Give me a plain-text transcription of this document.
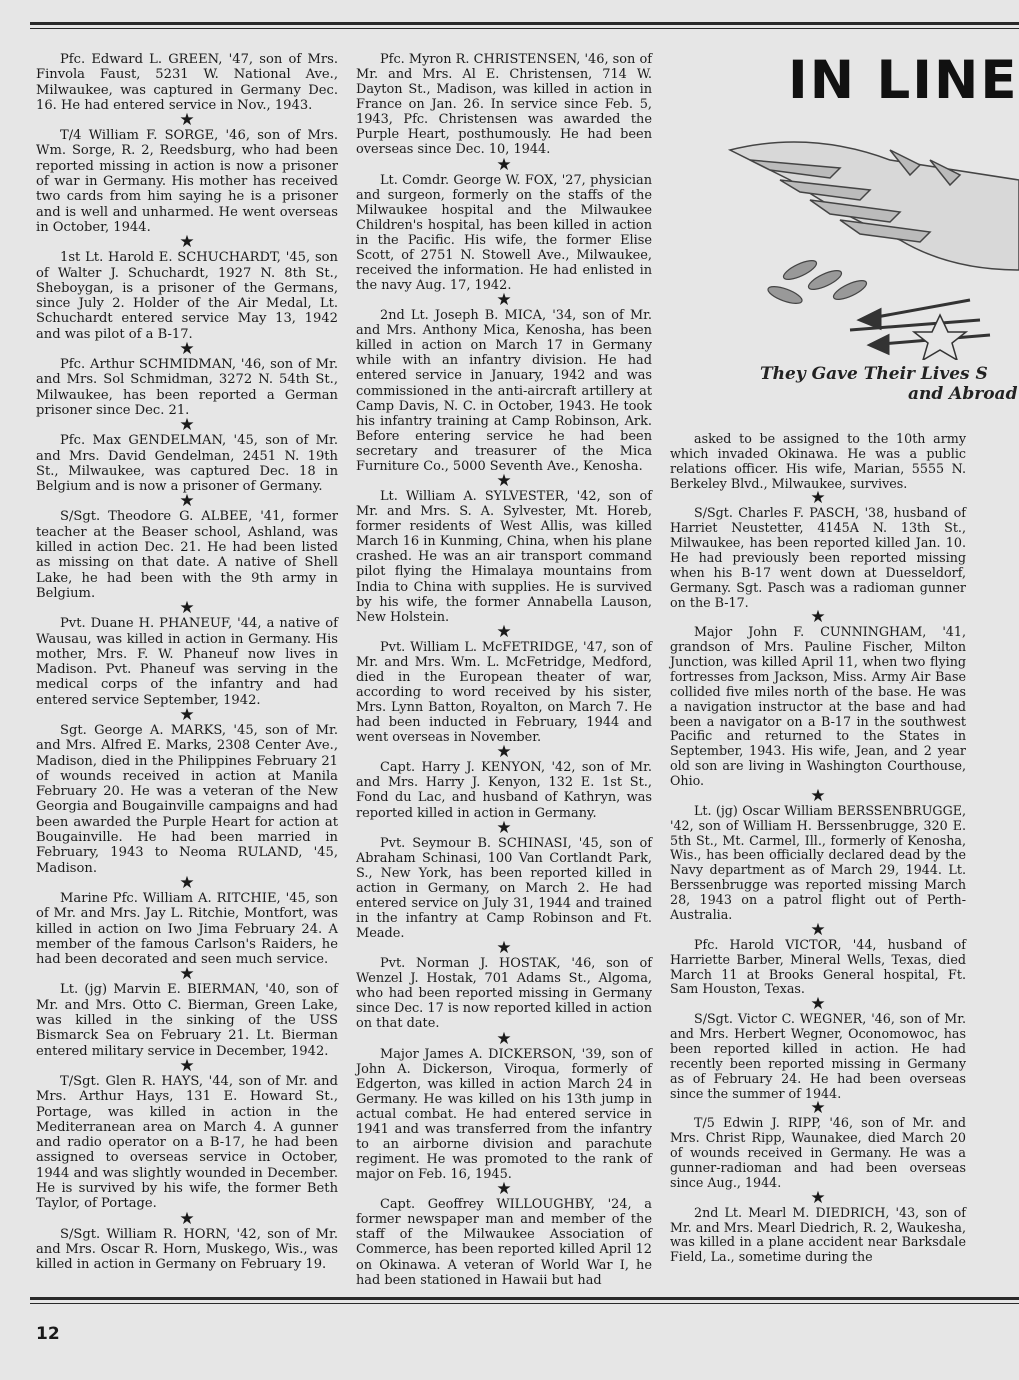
Pfc. Edward L. GREEN, '47, son of Mrs. Finvola Faust, 5231 W. National Ave., Milwaukee, was captured in Germany Dec. 16. He had entered service in Nov., 1943.

★

T/4 William F. SORGE, '46, son of Mrs. Wm. Sorge, R. 2, Reedsburg, who had been reported missing in action is now a prisoner of war in Germany. His mother has received two cards from him saying he is a prisoner and is well and unharmed. He went overseas in October, 1944.

★

1st Lt. Harold E. SCHUCHARDT, '45, son of Walter J. Schuchardt, 1927 N. 8th St., Sheboygan, is a prisoner of the Germans, since July 2. Holder of the Air Medal, Lt. Schuchardt entered service May 13, 1942 and was pilot of a B-17.

★

Pfc. Arthur SCHMIDMAN, '46, son of Mr. and Mrs. Sol Schmidman, 3272 N. 54th St., Milwaukee, has been reported a German prisoner since Dec. 21.

★

Pfc. Max GENDELMAN, '45, son of Mr. and Mrs. David Gendelman, 2451 N. 19th St., Milwaukee, was captured Dec. 18 in Belgium and is now a prisoner of Germany.

★

S/Sgt. Theodore G. ALBEE, '41, former teacher at the Beaser school, Ashland, was killed in action Dec. 21. He had been listed as missing on that date. A native of Shell Lake, he had been with the 9th army in Belgium.

★

Pvt. Duane H. PHANEUF, '44, a native of Wausau, was killed in action in Germany. His mother, Mrs. F. W. Phaneuf now lives in Madison. Pvt. Phaneuf was serving in the medical corps of the infantry and had entered service September, 1942.

★

Sgt. George A. MARKS, '45, son of Mr. and Mrs. Alfred E. Marks, 2308 Center Ave., Madison, died in the Philippines February 21 of wounds received in action at Manila February 20. He was a veteran of the New Georgia and Bougainville campaigns and had been awarded the Purple Heart for action at Bougainville. He had been married in February, 1943 to Neoma RULAND, '45, Madison.

★

Marine Pfc. William A. RITCHIE, '45, son of Mr. and Mrs. Jay L. Ritchie, Montfort, was killed in action on Iwo Jima February 24. A member of the famous Carlson's Raiders, he had been decorated and seen much service.

★

Lt. (jg) Marvin E. BIERMAN, '40, son of Mr. and Mrs. Otto C. Bierman, Green Lake, was killed in the sinking of the USS Bismarck Sea on February 21. Lt. Bierman entered military service in December, 1942.

★

T/Sgt. Glen R. HAYS, '44, son of Mr. and Mrs. Arthur Hays, 131 E. Howard St., Portage, was killed in action in the Mediterranean area on March 4. A gunner and radio operator on a B-17, he had been assigned to overseas service in October, 1944 and was slightly wounded in December. He is survived by his wife, the former Beth Taylor, of Portage.

★

S/Sgt. William R. HORN, '42, son of Mr. and Mrs. Oscar R. Horn, Muskego, Wis., was killed in action in Germany on February 19.

Pfc. Myron R. CHRISTENSEN, '46, son of Mr. and Mrs. Al E. Christensen, 714 W. Dayton St., Madison, was killed in action in France on Jan. 26. In service since Feb. 5, 1943, Pfc. Christensen was awarded the Purple Heart, posthumously. He had been overseas since Dec. 10, 1944.

★

Lt. Comdr. George W. FOX, '27, physician and surgeon, formerly on the staffs of the Milwaukee hospital and the Milwaukee Children's hospital, has been killed in action in the Pacific. His wife, the former Elise Scott, of 2751 N. Stowell Ave., Milwaukee, received the information. He had enlisted in the navy Aug. 17, 1942.

★

2nd Lt. Joseph B. MICA, '34, son of Mr. and Mrs. Anthony Mica, Kenosha, has been killed in action on March 17 in Germany while with an infantry division. He had entered service in January, 1942 and was commissioned in the anti-aircraft artillery at Camp Davis, N. C. in October, 1943. He took his infantry training at Camp Robinson, Ark. Before entering service he had been secretary and treasurer of the Mica Furniture Co., 5000 Seventh Ave., Kenosha.

★

Lt. William A. SYLVESTER, '42, son of Mr. and Mrs. S. A. Sylvester, Mt. Horeb, former residents of West Allis, was killed March 16 in Kunming, China, when his plane crashed. He was an air transport command pilot flying the Himalaya mountains from India to China with supplies. He is survived by his wife, the former Annabella Lauson, New Holstein.

★

Pvt. William L. McFETRIDGE, '47, son of Mr. and Mrs. Wm. L. McFetridge, Medford, died in the European theater of war, according to word received by his sister, Mrs. Lynn Batton, Royalton, on March 7. He had been inducted in February, 1944 and went overseas in November.

★

Capt. Harry J. KENYON, '42, son of Mr. and Mrs. Harry J. Kenyon, 132 E. 1st St., Fond du Lac, and husband of Kathryn, was reported killed in action in Germany.

★

Pvt. Seymour B. SCHINASI, '45, son of Abraham Schinasi, 100 Van Cortlandt Park, S., New York, has been reported killed in action in Germany, on March 2. He had entered service on July 31, 1944 and trained in the infantry at Camp Robinson and Ft. Meade.

★

Pvt. Norman J. HOSTAK, '46, son of Wenzel J. Hostak, 701 Adams St., Algoma, who had been reported missing in Germany since Dec. 17 is now reported killed in action on that date.

★

Major James A. DICKERSON, '39, son of John A. Dickerson, Viroqua, formerly of Edgerton, was killed in action March 24 in Germany. He was killed on his 13th jump in actual combat. He had entered service in 1941 and was transferred from the infantry to an airborne division and parachute regiment. He was promoted to the rank of major on Feb. 16, 1945.

★

Capt. Geoffrey WILLOUGHBY, '24, a former newspaper man and member of the staff of the Milwaukee Association of Commerce, has been reported killed April 12 on Okinawa. A veteran of World War I, he had been stationed in Hawaii but had

asked to be assigned to the 10th army which invaded Okinawa. He was a public relations officer. His wife, Marian, 5555 N. Berkeley Blvd., Milwaukee, survives.

★

S/Sgt. Charles F. PASCH, '38, husband of Harriet Neustetter, 4145A N. 13th St., Milwaukee, has been reported killed Jan. 10. He had previously been reported missing when his B-17 went down at Duesseldorf, Germany. Sgt. Pasch was a radioman gunner on the B-17.

★

Major John F. CUNNINGHAM, '41, grandson of Mrs. Pauline Fischer, Milton Junction, was killed April 11, when two flying fortresses from Jackson, Miss. Army Air Base collided five miles north of the base. He was a navigation instructor at the base and had been a navigator on a B-17 in the southwest Pacific and returned to the States in September, 1943. His wife, Jean, and 2 year old son are living in Washington Courthouse, Ohio.

★

Lt. (jg) Oscar William BERSSENBRUGGE, '42, son of William H. Berssenbrugge, 320 E. 5th St., Mt. Carmel, Ill., formerly of Kenosha, Wis., has been officially declared dead by the Navy department as of March 29, 1944. Lt. Berssenbrugge was reported missing March 28, 1943 on a patrol flight out of Perth-Australia.

★

Pfc. Harold VICTOR, '44, husband of Harriette Barber, Mineral Wells, Texas, died March 11 at Brooks General hospital, Ft. Sam Houston, Texas.

★

S/Sgt. Victor C. WEGNER, '46, son of Mr. and Mrs. Herbert Wegner, Oconomowoc, has been reported killed in action. He had recently been reported missing in Germany as of February 24. He had been overseas since the summer of 1944.

★

T/5 Edwin J. RIPP, '46, son of Mr. and Mrs. Christ Ripp, Waunakee, died March 20 of wounds received in Germany. He was a gunner-radioman and had been overseas since Aug., 1944.

★

2nd Lt. Mearl M. DIEDRICH, '43, son of Mr. and Mrs. Mearl Diedrich, R. 2, Waukesha, was killed in a plane accident near Barksdale Field, La., sometime during the

IN LINE
They Gave Their Lives S
and Abroad
12
